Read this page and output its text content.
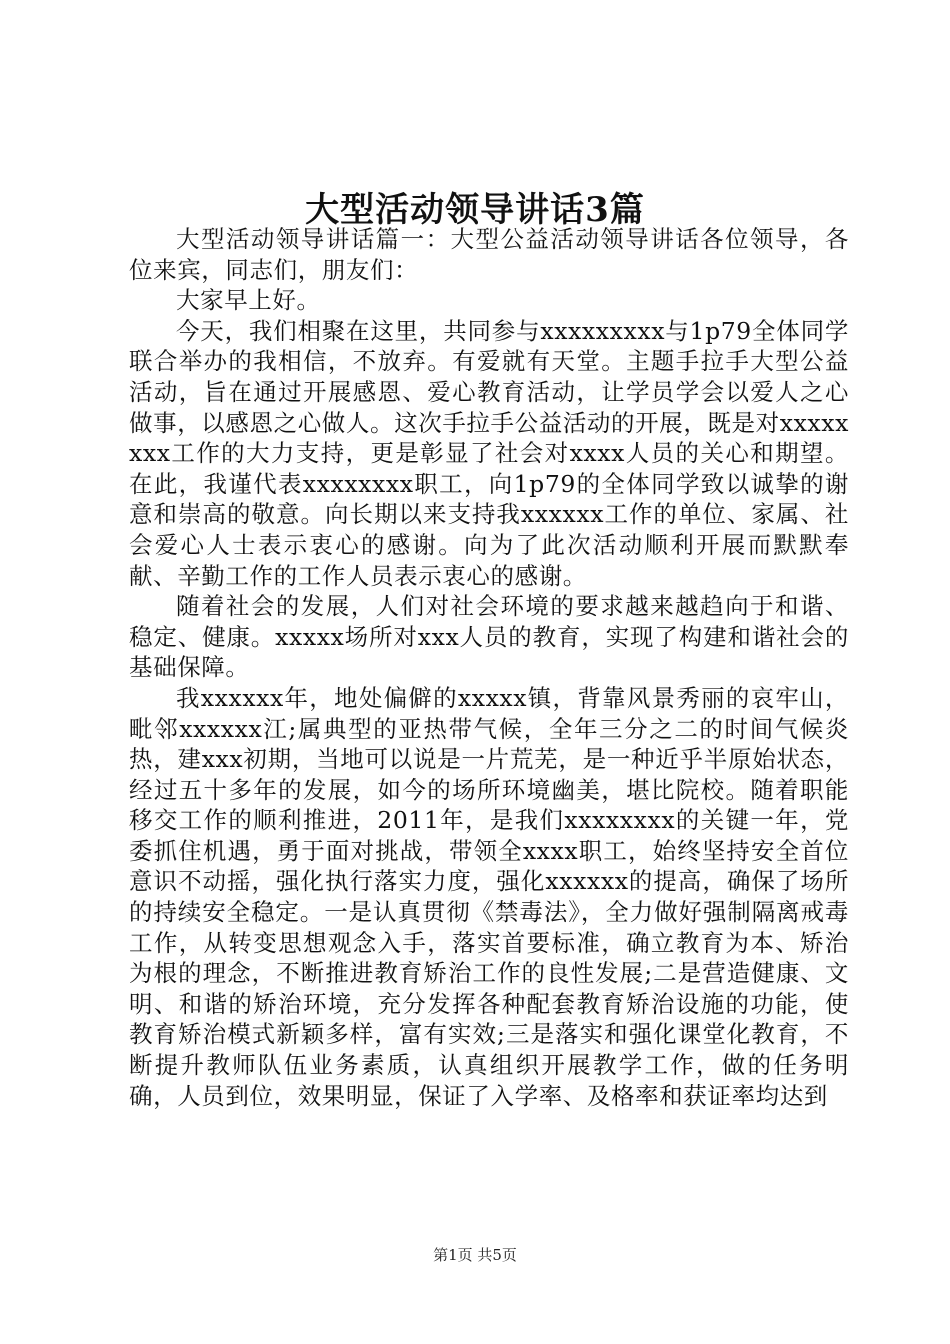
大型活动领导讲话3篇

大型活动领导讲话篇一：大型公益活动领导讲话各位领导，各位来宾，同志们，朋友们：

大家早上好。

今天，我们相聚在这里，共同参与xxxxxxxxx与1p79全体同学联合举办的我相信，不放弃。有爱就有天堂。主题手拉手大型公益活动，旨在通过开展感恩、爱心教育活动，让学员学会以爱人之心做事，以感恩之心做人。这次手拉手公益活动的开展，既是对xxxxxxxx工作的大力支持，更是彰显了社会对xxxx人员的关心和期望。在此，我谨代表xxxxxxxx职工，向1p79的全体同学致以诚挚的谢意和崇高的敬意。向长期以来支持我xxxxxx工作的单位、家属、社会爱心人士表示衷心的感谢。向为了此次活动顺利开展而默默奉献、辛勤工作的工作人员表示衷心的感谢。

随着社会的发展，人们对社会环境的要求越来越趋向于和谐、稳定、健康。xxxxx场所对xxx人员的教育，实现了构建和谐社会的基础保障。

我xxxxxx年，地处偏僻的xxxxx镇，背靠风景秀丽的哀牢山，毗邻xxxxxx江;属典型的亚热带气候，全年三分之二的时间气候炎热，建xxx初期，当地可以说是一片荒芜，是一种近乎半原始状态，经过五十多年的发展，如今的场所环境幽美，堪比院校。随着职能移交工作的顺利推进，2011年，是我们xxxxxxxx的关键一年，党委抓住机遇，勇于面对挑战，带领全xxxx职工，始终坚持安全首位意识不动摇，强化执行落实力度，强化xxxxxx的提高，确保了场所的持续安全稳定。一是认真贯彻《禁毒法》，全力做好强制隔离戒毒工作，从转变思想观念入手，落实首要标准，确立教育为本、矫治为根的理念，不断推进教育矫治工作的良性发展;二是营造健康、文明、和谐的矫治环境，充分发挥各种配套教育矫治设施的功能，使教育矫治模式新颖多样，富有实效;三是落实和强化课堂化教育，不断提升教师队伍业务素质，认真组织开展教学工作，做的任务明确，人员到位，效果明显，保证了入学率、及格率和获证率均达到

第1页 共5页
